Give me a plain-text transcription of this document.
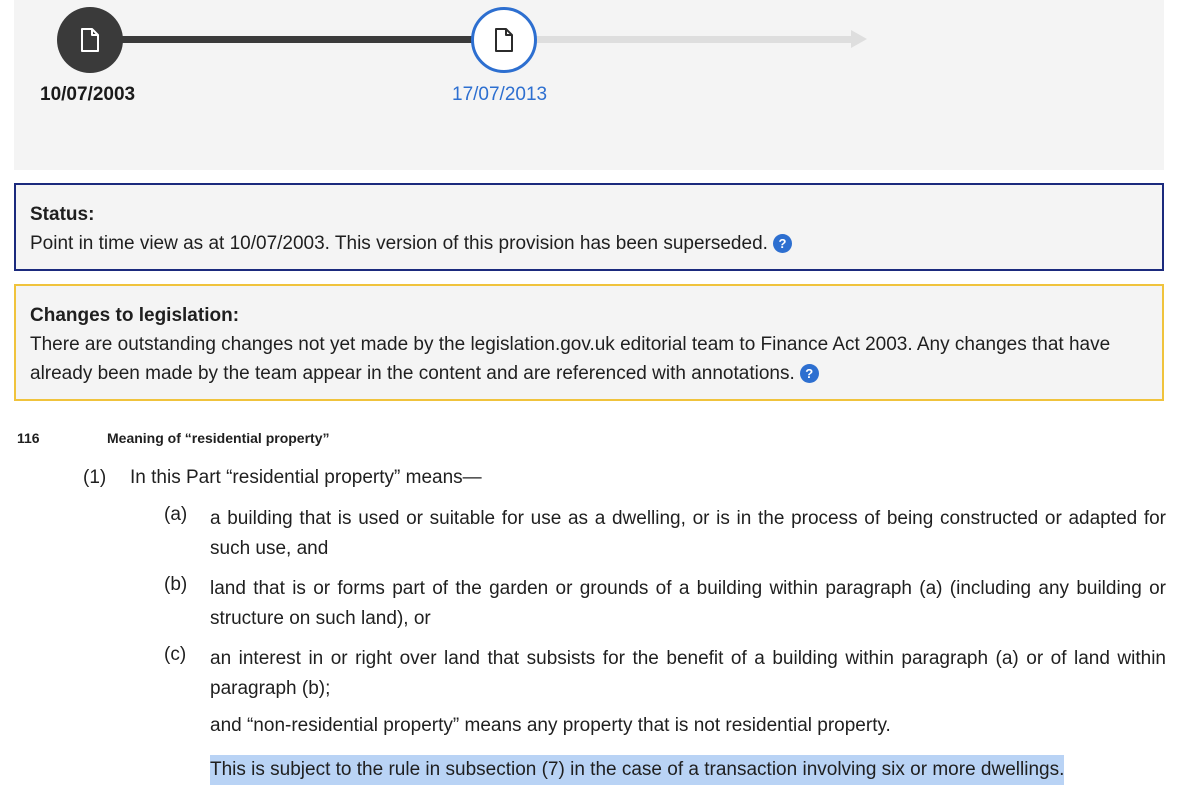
10/07/2003	17/07/2013
Status:
Point in time view as at 10/07/2003. This version of this provision has been superseded. ?
Changes to legislation:
There are outstanding changes not yet made by the legislation.gov.uk editorial team to Finance Act 2003. Any changes that have already been made by the team appear in the content and are referenced with annotations. ?
116	Meaning of “residential property”
(1) In this Part “residential property” means—
(a) a building that is used or suitable for use as a dwelling, or is in the process of being constructed or adapted for such use, and
(b) land that is or forms part of the garden or grounds of a building within paragraph (a) (including any building or structure on such land), or
(c) an interest in or right over land that subsists for the benefit of a building within paragraph (a) or of land within paragraph (b);
and “non-residential property” means any property that is not residential property.
This is subject to the rule in subsection (7) in the case of a transaction involving six or more dwellings.
